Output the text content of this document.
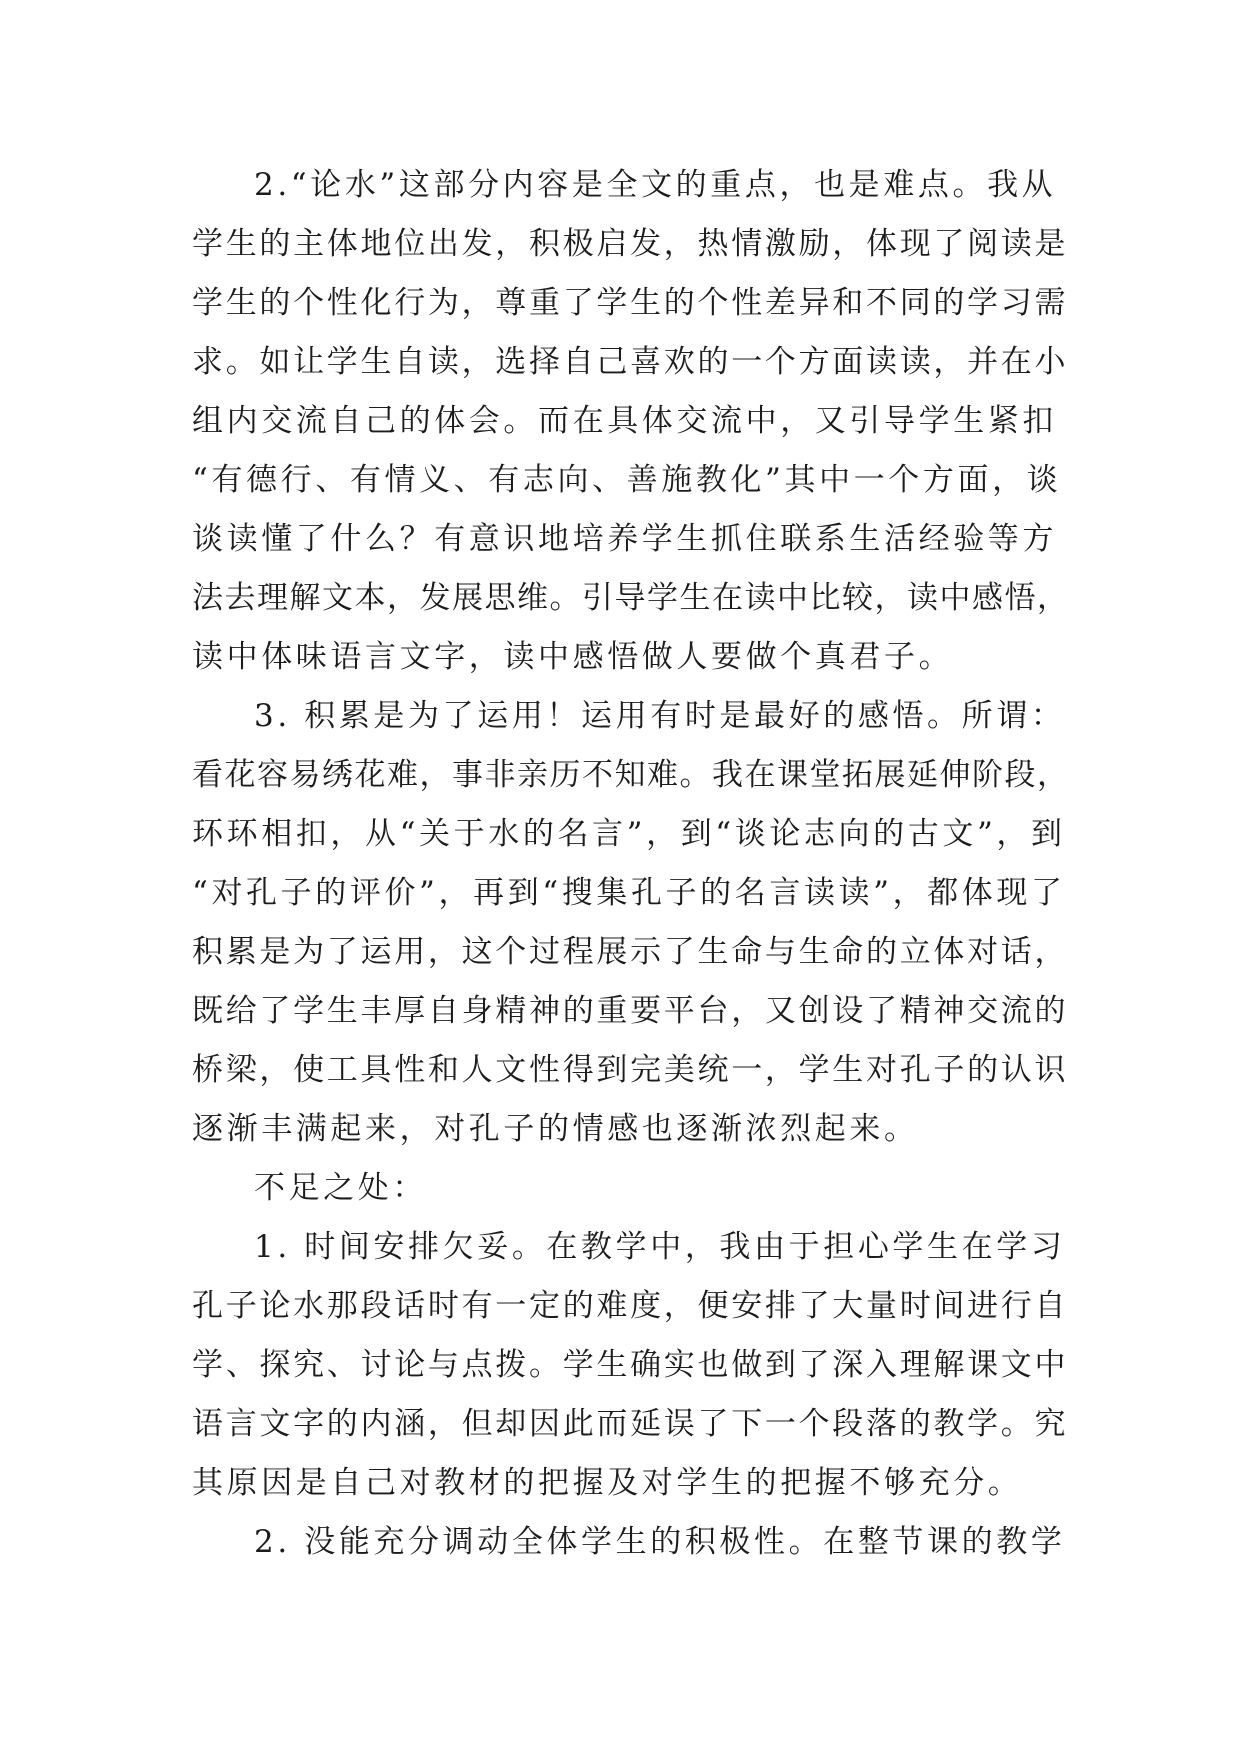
2.“论水”这部分内容是全文的重点，也是难点。我从
学生的主体地位出发，积极启发，热情激励，体现了阅读是
学生的个性化行为，尊重了学生的个性差异和不同的学习需
求。如让学生自读，选择自己喜欢的一个方面读读，并在小
组内交流自己的体会。而在具体交流中，又引导学生紧扣
“有德行、有情义、有志向、善施教化”其中一个方面，谈
谈读懂了什么？有意识地培养学生抓住联系生活经验等方
法去理解文本，发展思维。引导学生在读中比较，读中感悟，
读中体味语言文字，读中感悟做人要做个真君子。
3. 积累是为了运用！运用有时是最好的感悟。所谓：
看花容易绣花难，事非亲历不知难。我在课堂拓展延伸阶段，
环环相扣，从“关于水的名言”，到“谈论志向的古文”，到
“对孔子的评价”，再到“搜集孔子的名言读读”，都体现了
积累是为了运用，这个过程展示了生命与生命的立体对话，
既给了学生丰厚自身精神的重要平台，又创设了精神交流的
桥梁，使工具性和人文性得到完美统一，学生对孔子的认识
逐渐丰满起来，对孔子的情感也逐渐浓烈起来。
不足之处：
1. 时间安排欠妥。在教学中，我由于担心学生在学习
孔子论水那段话时有一定的难度，便安排了大量时间进行自
学、探究、讨论与点拨。学生确实也做到了深入理解课文中
语言文字的内涵，但却因此而延误了下一个段落的教学。究
其原因是自己对教材的把握及对学生的把握不够充分。
2. 没能充分调动全体学生的积极性。在整节课的教学
